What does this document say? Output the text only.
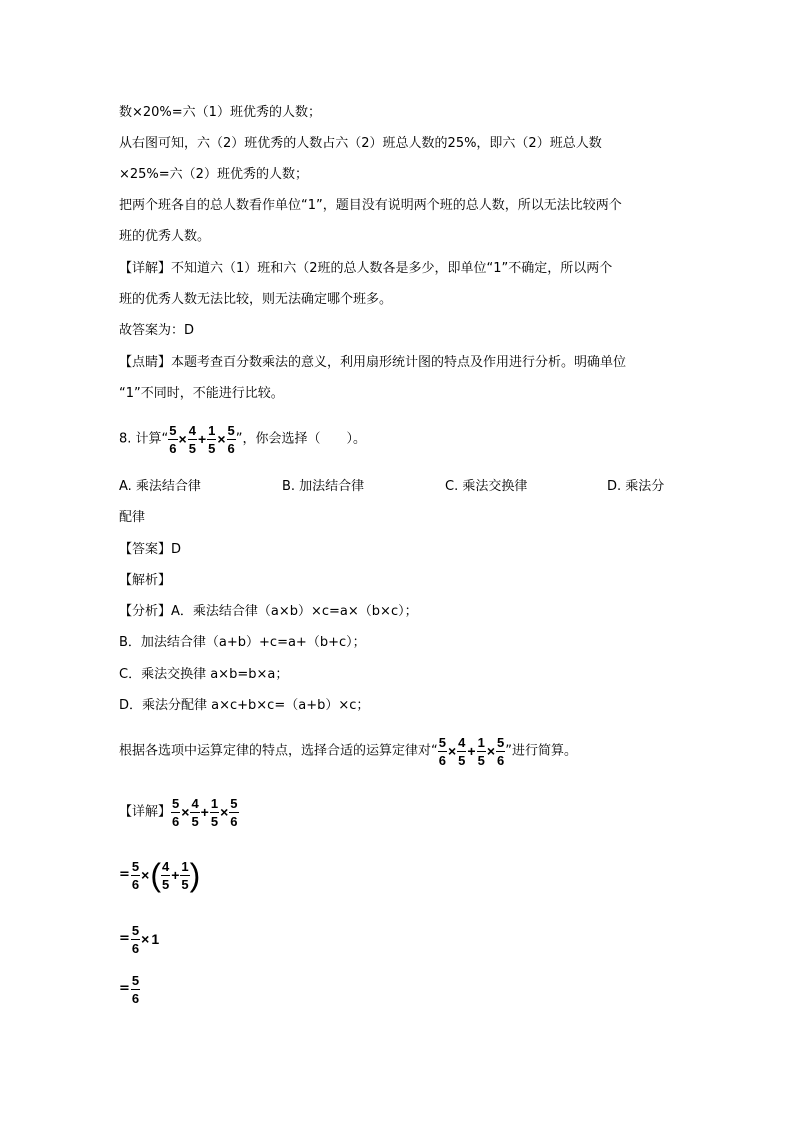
数×20%=六（1）班优秀的人数；
从右图可知，六（2）班优秀的人数占六（2）班总人数的25%，即六（2）班总人数
×25%=六（2）班优秀的人数；
把两个班各自的总人数看作单位“1”，题目没有说明两个班的总人数，所以无法比较两个
班的优秀人数。
【详解】不知道六（1）班和六（2班的总人数各是多少，即单位“1”不确定，所以两个
班的优秀人数无法比较，则无法确定哪个班多。
故答案为：D
【点睛】本题考查百分数乘法的意义，利用扇形统计图的特点及作用进行分析。明确单位
“1”不同时，不能进行比较。
8. 计算“ $\frac{5}{6} \times \frac{4}{5} + \frac{1}{5} \times \frac{5}{6}$ ”，你会选择（　　）。
A. 乘法结合律	B. 加法结合律	C. 乘法交换律	D. 乘法分
配律
【答案】D
【解析】
【分析】A．乘法结合律（a×b）×c=a×（b×c）；
B．加法结合律（a+b）+c=a+（b+c）；
C．乘法交换律 a×b=b×a；
D．乘法分配律 a×c+b×c=（a+b）×c；
根据各选项中运算定律的特点，选择合适的运算定律对“ $\frac{5}{6} \times \frac{4}{5} + \frac{1}{5} \times \frac{5}{6}$ ”进行简算。
【详解】 $\frac{5}{6} \times \frac{4}{5} + \frac{1}{5} \times \frac{5}{6}$
= $\frac{5}{6}$ ×( $\frac{4}{5} + \frac{1}{5}$ )
= $\frac{5}{6} \times 1$
= $\frac{5}{6}$
